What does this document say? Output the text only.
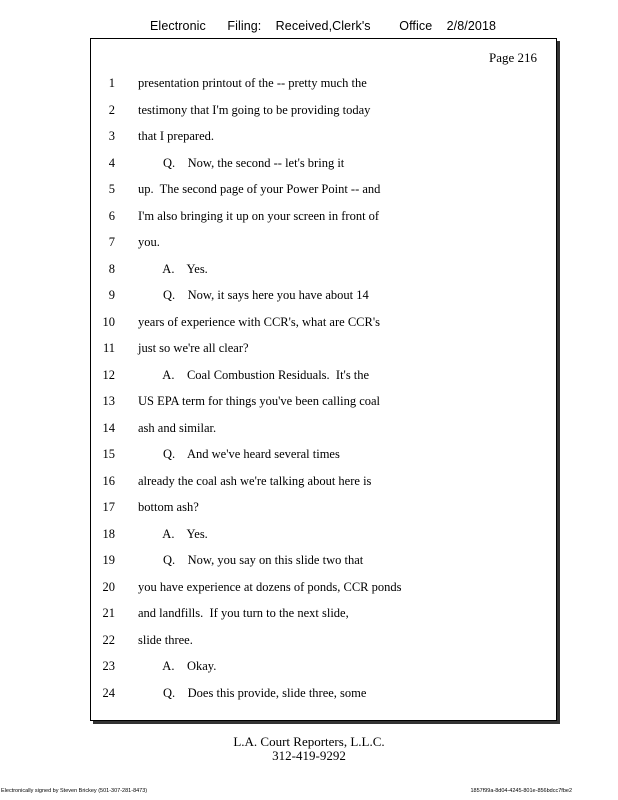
Electronic Filing: Received,Clerk's Office 2/8/2018
Page 216
1 presentation printout of the -- pretty much the
2 testimony that I'm going to be providing today
3 that I prepared.
4 Q.    Now, the second -- let's bring it
5 up.  The second page of your Power Point -- and
6 I'm also bringing it up on your screen in front of
7 you.
8 A.    Yes.
9 Q.    Now, it says here you have about 14
10 years of experience with CCR's, what are CCR's
11 just so we're all clear?
12 A.    Coal Combustion Residuals.  It's the
13 US EPA term for things you've been calling coal
14 ash and similar.
15 Q.    And we've heard several times
16 already the coal ash we're talking about here is
17 bottom ash?
18 A.    Yes.
19 Q.    Now, you say on this slide two that
20 you have experience at dozens of ponds, CCR ponds
21 and landfills.  If you turn to the next slide,
22 slide three.
23 A.    Okay.
24 Q.    Does this provide, slide three, some
L.A. Court Reporters, L.L.C.
312-419-9292
Electronically signed by Steven Brickey (501-307-281-8473)	1857f99a-8d04-4245-801e-856bdcc7fbe2
